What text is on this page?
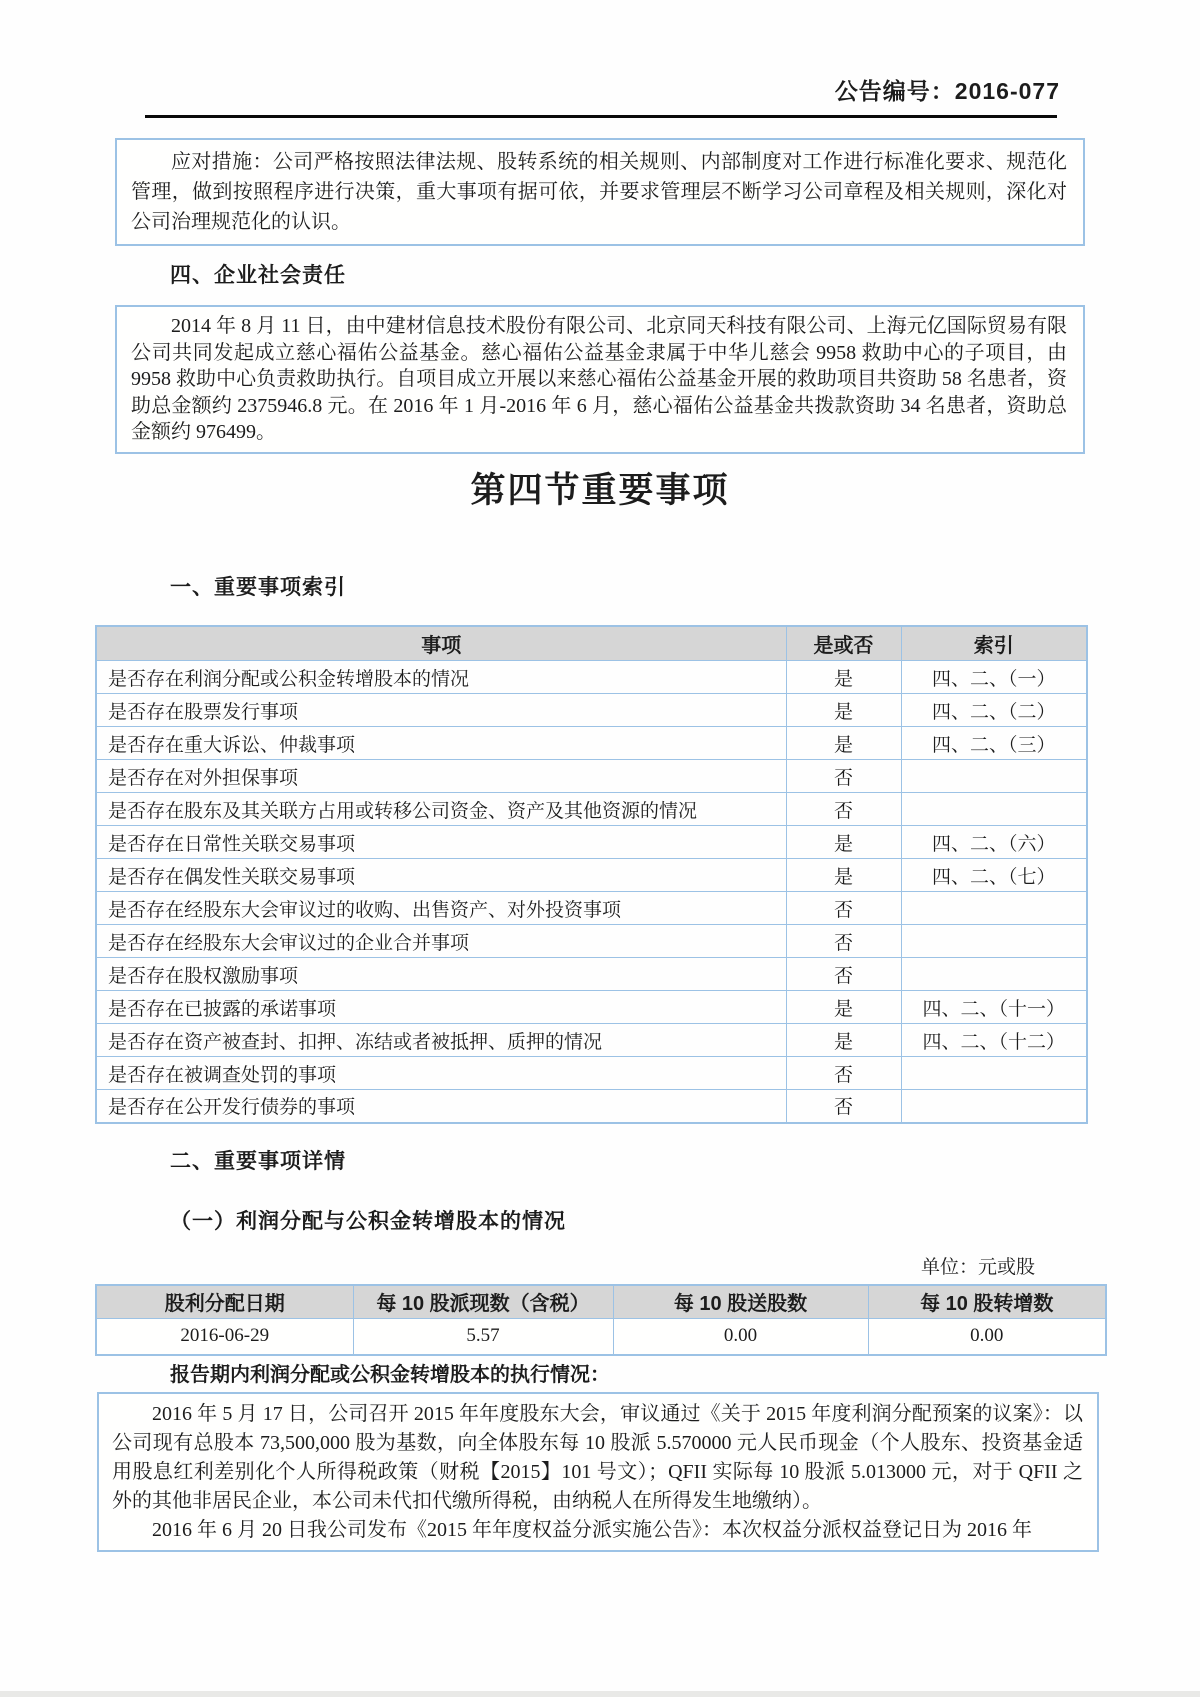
公告编号：2016-077

应对措施：公司严格按照法律法规、股转系统的相关规则、内部制度对工作进行标准化要求、规范化管理，做到按照程序进行决策，重大事项有据可依，并要求管理层不断学习公司章程及相关规则，深化对公司治理规范化的认识。

四、企业社会责任

2014 年 8 月 11 日，由中建材信息技术股份有限公司、北京同天科技有限公司、上海元亿国际贸易有限公司共同发起成立慈心福佑公益基金。慈心福佑公益基金隶属于中华儿慈会 9958 救助中心的子项目，由 9958 救助中心负责救助执行。自项目成立开展以来慈心福佑公益基金开展的救助项目共资助 58 名患者，资助总金额约 2375946.8 元。在 2016 年 1 月-2016 年 6 月，慈心福佑公益基金共拨款资助 34 名患者，资助总金额约 976499。

第四节重要事项
一、重要事项索引
事项	是或否	索引
是否存在利润分配或公积金转增股本的情况	是	四、二、（一）
是否存在股票发行事项	是	四、二、（二）
是否存在重大诉讼、仲裁事项	是	四、二、（三）
是否存在对外担保事项	否	
是否存在股东及其关联方占用或转移公司资金、资产及其他资源的情况	否	
是否存在日常性关联交易事项	是	四、二、（六）
是否存在偶发性关联交易事项	是	四、二、（七）
是否存在经股东大会审议过的收购、出售资产、对外投资事项	否	
是否存在经股东大会审议过的企业合并事项	否	
是否存在股权激励事项	否	
是否存在已披露的承诺事项	是	四、二、（十一）
是否存在资产被查封、扣押、冻结或者被抵押、质押的情况	是	四、二、（十二）
是否存在被调查处罚的事项	否	
是否存在公开发行债券的事项	否	
二、重要事项详情
（一）利润分配与公积金转增股本的情况
单位：元或股
股利分配日期	每 10 股派现数（含税）	每 10 股送股数	每 10 股转增数
2016-06-29	5.57	0.00	0.00
报告期内利润分配或公积金转增股本的执行情况：

2016 年 5 月 17 日，公司召开 2015 年年度股东大会，审议通过《关于 2015 年度利润分配预案的议案》：以公司现有总股本 73,500,000 股为基数，向全体股东每 10 股派 5.570000 元人民币现金（个人股东、投资基金适用股息红利差别化个人所得税政策（财税【2015】101 号文）；QFII 实际每 10 股派 5.013000 元，对于 QFII 之外的其他非居民企业，本公司未代扣代缴所得税，由纳税人在所得发生地缴纳）。

2016 年 6 月 20 日我公司发布《2015 年年度权益分派实施公告》：本次权益分派权益登记日为 2016 年
